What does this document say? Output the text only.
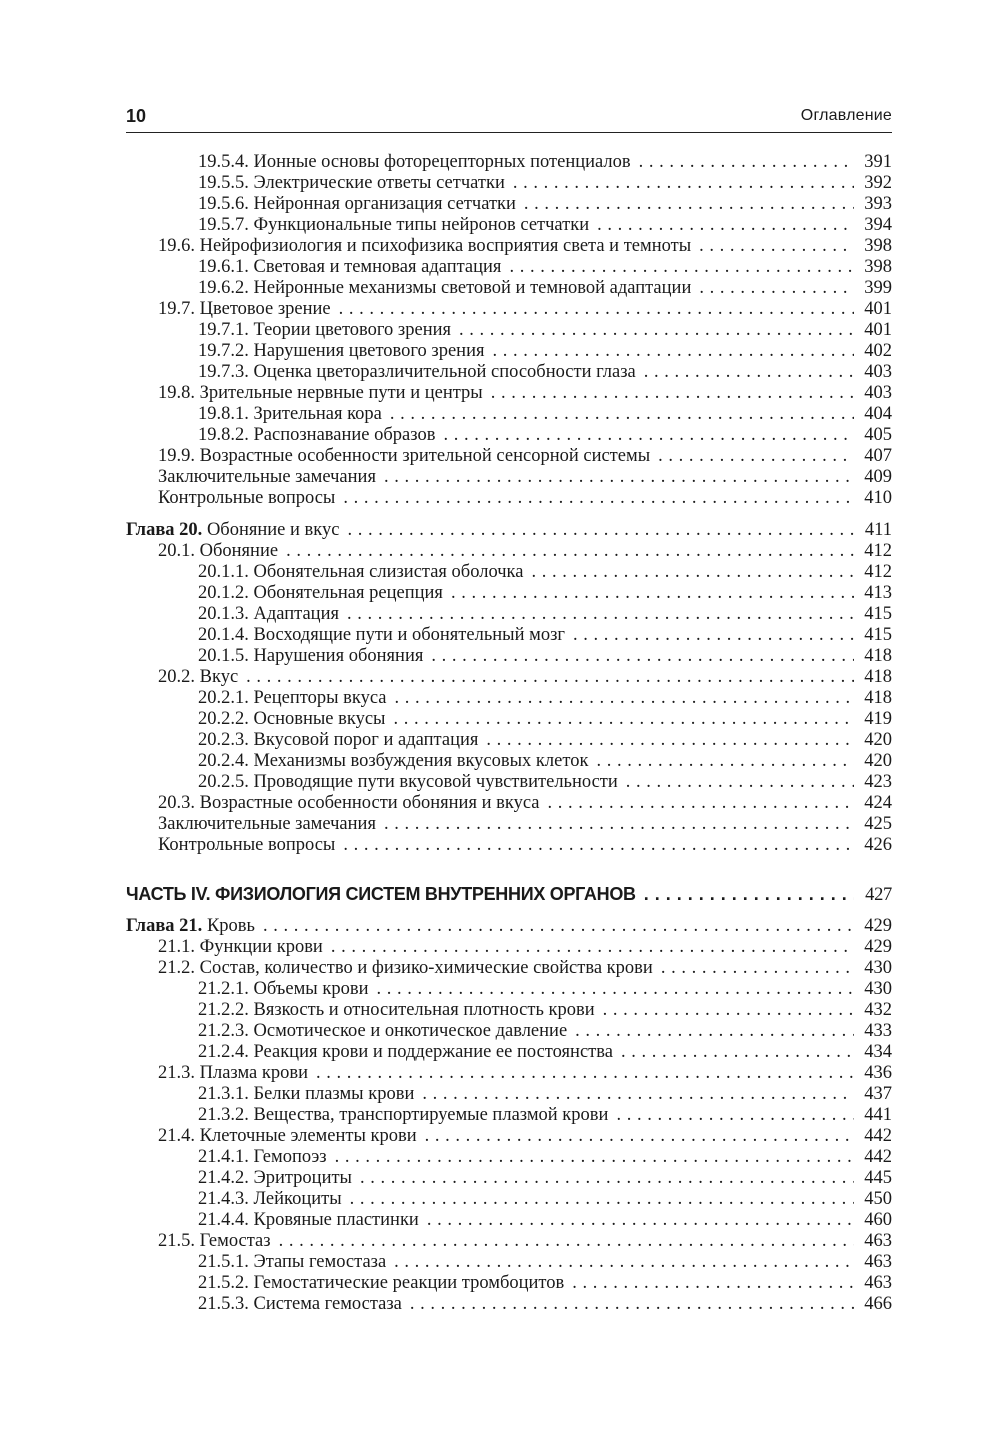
10	Оглавление
19.5.4. Ионные основы фоторецепторных потенциалов . . .	391
19.5.5. Электрические ответы сетчатки . . .	392
19.5.6. Нейронная организация сетчатки . . .	393
19.5.7. Функциональные типы нейронов сетчатки . . .	394
19.6. Нейрофизиология и психофизика восприятия света и темноты . . .	398
19.6.1. Световая и темновая адаптация . . .	398
19.6.2. Нейронные механизмы световой и темновой адаптации . . .	399
19.7. Цветовое зрение . . .	401
19.7.1. Теории цветового зрения . . .	401
19.7.2. Нарушения цветового зрения . . .	402
19.7.3. Оценка цветоразличительной способности глаза . . .	403
19.8. Зрительные нервные пути и центры . . .	403
19.8.1. Зрительная кора . . .	404
19.8.2. Распознавание образов . . .	405
19.9. Возрастные особенности зрительной сенсорной системы . . .	407
Заключительные замечания . . .	409
Контрольные вопросы . . .	410
Глава 20. Обоняние и вкус . . .	411
20.1. Обоняние . . .	412
20.1.1. Обонятельная слизистая оболочка . . .	412
20.1.2. Обонятельная рецепция . . .	413
20.1.3. Адаптация . . .	415
20.1.4. Восходящие пути и обонятельный мозг . . .	415
20.1.5. Нарушения обоняния . . .	418
20.2. Вкус . . .	418
20.2.1. Рецепторы вкуса . . .	418
20.2.2. Основные вкусы . . .	419
20.2.3. Вкусовой порог и адаптация . . .	420
20.2.4. Механизмы возбуждения вкусовых клеток . . .	420
20.2.5. Проводящие пути вкусовой чувствительности . . .	423
20.3. Возрастные особенности обоняния и вкуса . . .	424
Заключительные замечания . . .	425
Контрольные вопросы . . .	426
ЧАСТЬ IV. ФИЗИОЛОГИЯ СИСТЕМ ВНУТРЕННИХ ОРГАНОВ . . .	427
Глава 21. Кровь . . .	429
21.1. Функции крови . . .	429
21.2. Состав, количество и физико-химические свойства крови . . .	430
21.2.1. Объемы крови . . .	430
21.2.2. Вязкость и относительная плотность крови . . .	432
21.2.3. Осмотическое и онкотическое давление . . .	433
21.2.4. Реакция крови и поддержание ее постоянства . . .	434
21.3. Плазма крови . . .	436
21.3.1. Белки плазмы крови . . .	437
21.3.2. Вещества, транспортируемые плазмой крови . . .	441
21.4. Клеточные элементы крови . . .	442
21.4.1. Гемопоэз . . .	442
21.4.2. Эритроциты . . .	445
21.4.3. Лейкоциты . . .	450
21.4.4. Кровяные пластинки . . .	460
21.5. Гемостаз . . .	463
21.5.1. Этапы гемостаза . . .	463
21.5.2. Гемостатические реакции тромбоцитов . . .	463
21.5.3. Система гемостаза . . .	466
